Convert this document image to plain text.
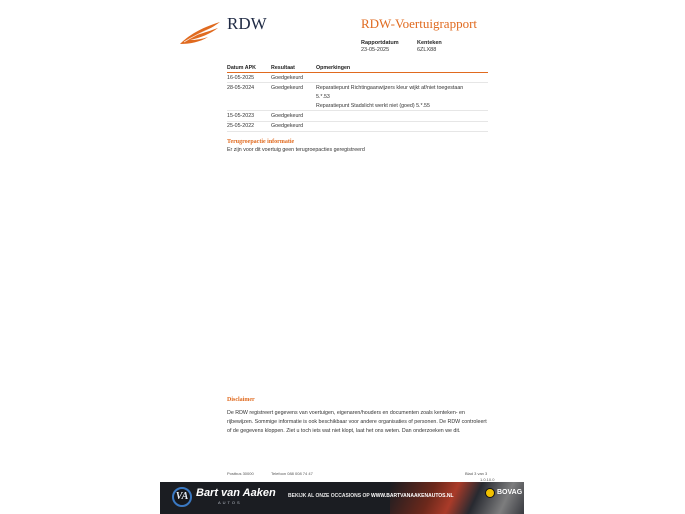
RDW	RDW-Voertuigrapport
Rapportdatum
23-05-2025
Kenteken
6ZLX88
Datum APK	Resultaat	Opmerkingen
16-05-2025	Goedgekeurd	
28-05-2024	Goedgekeurd	Reparatiepunt Richtingaanwijzers kleur wijkt af/niet toegestaan
5.*.53
Reparatiepunt Stadslicht werkt niet (goed) 5.*.55

15-05-2023	Goedgekeurd	
25-05-2022	Goedgekeurd	
Terugroepactie informatie
Er zijn voor dit voertuig geen terugroepacties geregistreerd
Disclaimer
De RDW registreert gegevens van voertuigen, eigenaren/houders en documenten zoals kenteken- en rijbewijzen. Sommige informatie is ook beschikbaar voor andere organisaties of personen. De RDW controleert of de gegevens kloppen. Ziet u toch iets wat niet klopt, laat het ons weten. Dan onderzoeken we dit.
Postbus 30000	Telefoon 088 008 74 47	Blad 3 van 3
1.0.10.0
VA Bart van Aaken
AUTOS
BEKIJK AL ONZE OCCASIONS OP WWW.BARTVANAAKENAUTOS.NL	BOVAG
